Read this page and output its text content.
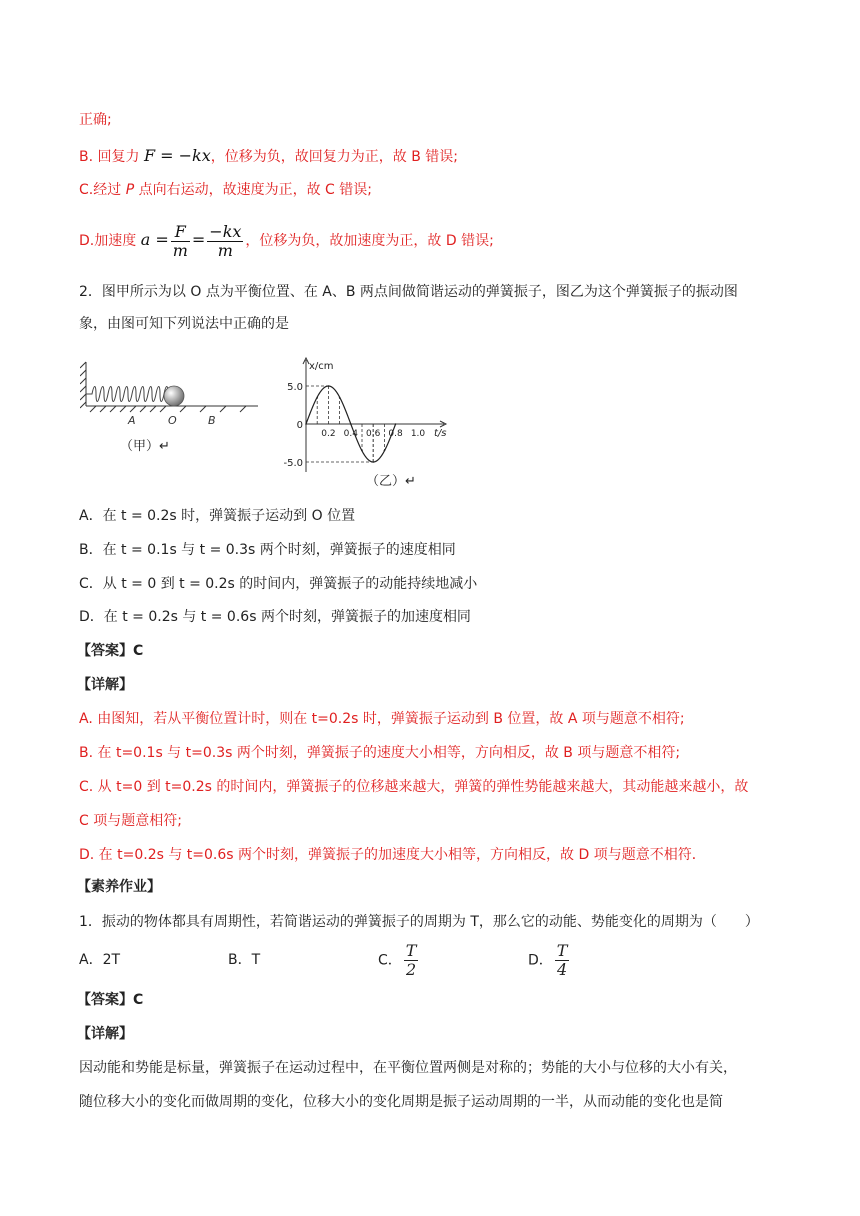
正确;
B. 回复力 F = −kx，位移为负，故回复力为正，故 B 错误;
C.经过 P 点向右运动，故速度为正，故 C 错误;
D.加速度 $a = \frac{F}{m} = \frac{-kx}{m}$ ，位移为负，故加速度为正，故 D 错误;
2．图甲所示为以 O 点为平衡位置、在 A、B 两点间做简谐运动的弹簧振子，图乙为这个弹簧振子的振动图
象，由图可知下列说法中正确的是
A	O	B
（甲）↵
x/cm
t/s
5.0
0
-5.0
0.2 0.4 0.6 0.8 1.0
（乙）↵
A．在 t = 0.2s 时，弹簧振子运动到 O 位置
B．在 t = 0.1s 与 t = 0.3s 两个时刻，弹簧振子的速度相同
C．从 t = 0 到 t = 0.2s 的时间内，弹簧振子的动能持续地减小
D．在 t = 0.2s 与 t = 0.6s 两个时刻，弹簧振子的加速度相同
【答案】C
【详解】
A. 由图知，若从平衡位置计时，则在 t=0.2s 时，弹簧振子运动到 B 位置，故 A 项与题意不相符;
B. 在 t=0.1s 与 t=0.3s 两个时刻，弹簧振子的速度大小相等，方向相反，故 B 项与题意不相符;
C. 从 t=0 到 t=0.2s 的时间内，弹簧振子的位移越来越大，弹簧的弹性势能越来越大，其动能越来越小，故
C 项与题意相符;
D. 在 t=0.2s 与 t=0.6s 两个时刻，弹簧振子的加速度大小相等，方向相反，故 D 项与题意不相符．
【素养作业】
1．振动的物体都具有周期性，若简谐运动的弹簧振子的周期为 T，那么它的动能、势能变化的周期为（　　）
A．2T	B．T	C． $\frac{T}{2}$	D． $\frac{T}{4}$
【答案】C
【详解】
因动能和势能是标量，弹簧振子在运动过程中，在平衡位置两侧是对称的；势能的大小与位移的大小有关，
随位移大小的变化而做周期的变化，位移大小的变化周期是振子运动周期的一半，从而动能的变化也是简
